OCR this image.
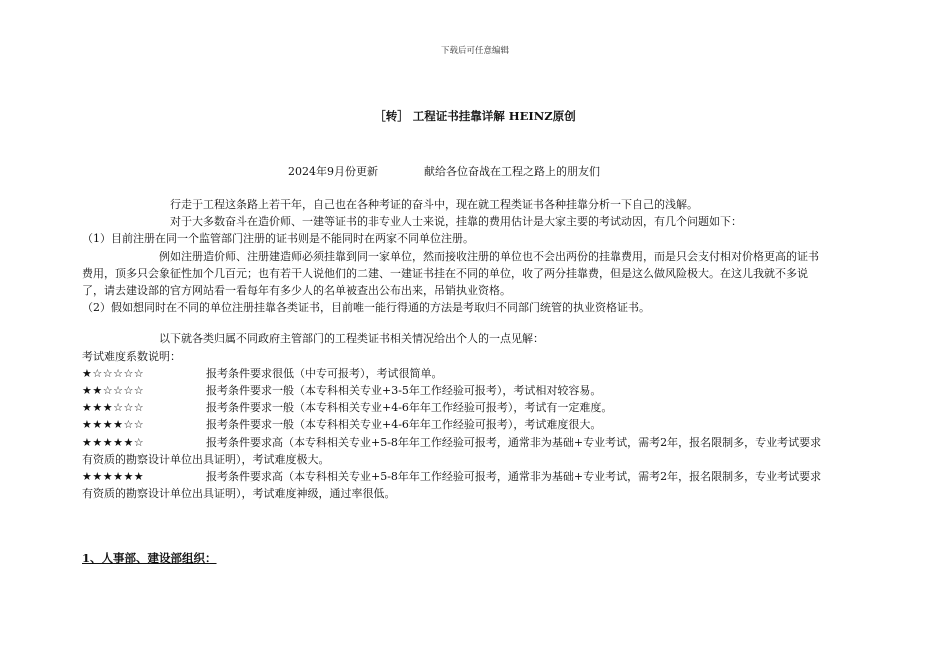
下载后可任意编辑
［转］ 工程证书挂靠详解 HEINZ原创
2024年9月份更新	献给各位奋战在工程之路上的朋友们

行走于工程这条路上若干年，自己也在各种考证的奋斗中，现在就工程类证书各种挂靠分析一下自己的浅解。

对于大多数奋斗在造价师、一建等证书的非专业人士来说，挂靠的费用估计是大家主要的考试动因，有几个问题如下：

（1）目前注册在同一个监管部门注册的证书则是不能同时在两家不同单位注册。

例如注册造价师、注册建造师必须挂靠到同一家单位，然而接收注册的单位也不会出两份的挂靠费用，而是只会支付相对价格更高的证书费用，顶多只会象征性加个几百元；也有若干人说他们的二建、一建证书挂在不同的单位，收了两分挂靠费，但是这么做风险极大。在这儿我就不多说了，请去建设部的官方网站看一看每年有多少人的名单被查出公布出来，吊销执业资格。

（2）假如想同时在不同的单位注册挂靠各类证书，目前唯一能行得通的方法是考取归不同部门统管的执业资格证书。

以下就各类归属不同政府主管部门的工程类证书相关情况给出个人的一点见解：

考试难度系数说明：

★☆☆☆☆☆	报考条件要求很低（中专可报考），考试很简单。

★★☆☆☆☆	报考条件要求一般（本专科相关专业+3-5年工作经验可报考），考试相对较容易。

★★★☆☆☆	报考条件要求一般（本专科相关专业+4-6年年工作经验可报考），考试有一定难度。

★★★★☆☆	报考条件要求一般（本专科相关专业+4-6年年工作经验可报考），考试难度很大。

★★★★★☆	报考条件要求高（本专科相关专业+5-8年年工作经验可报考，通常非为基础+专业考试，需考2年，报名限制多，专业考试要求有资质的勘察设计单位出具证明），考试难度极大。

★★★★★★	报考条件要求高（本专科相关专业+5-8年年工作经验可报考，通常非为基础+专业考试，需考2年，报名限制多，专业考试要求有资质的勘察设计单位出具证明），考试难度神级，通过率很低。

1、人事部、建设部组织：
